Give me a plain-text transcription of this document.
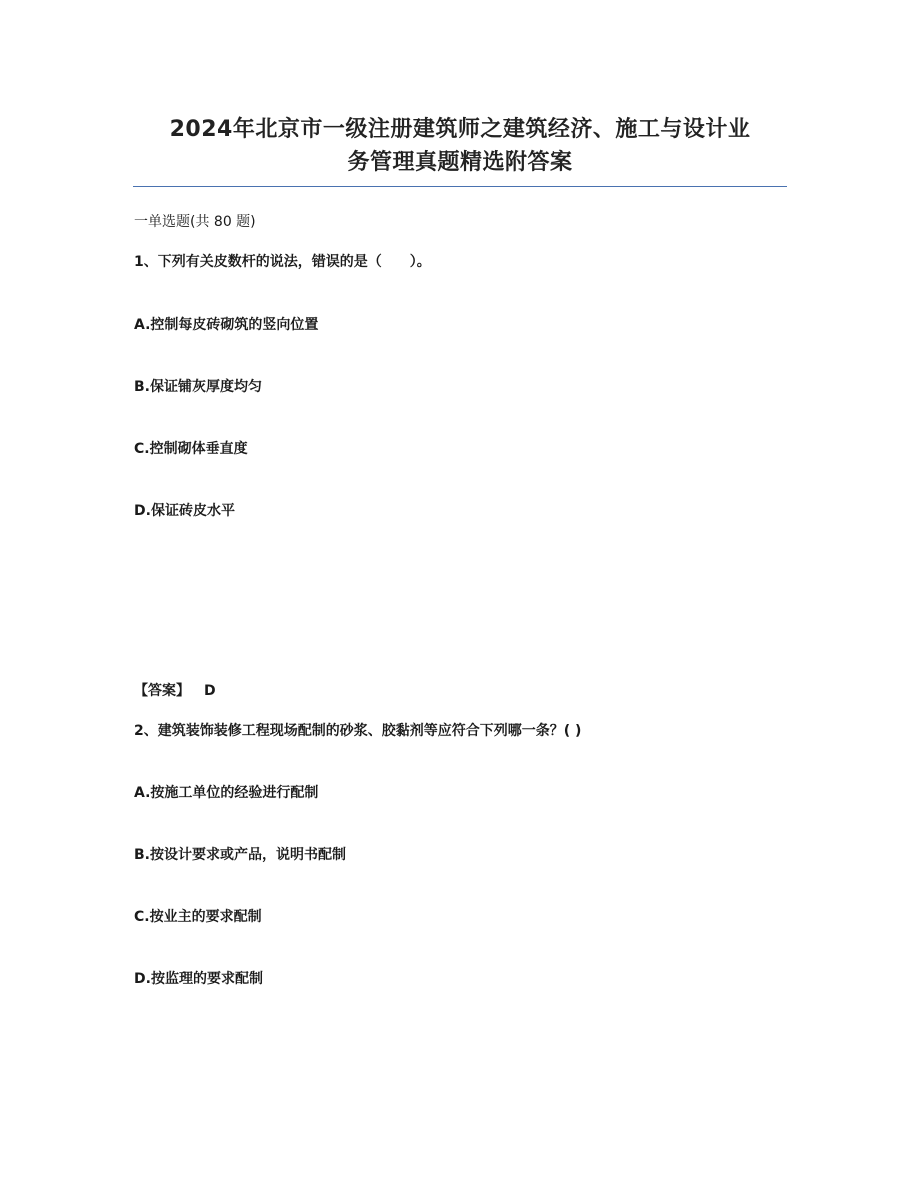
2024年北京市一级注册建筑师之建筑经济、施工与设计业
务管理真题精选附答案
一单选题(共 80 题)
1、下列有关皮数杆的说法，错误的是（　　）。
A.控制每皮砖砌筑的竖向位置
B.保证铺灰厚度均匀
C.控制砌体垂直度
D.保证砖皮水平
【答案】 D
2、建筑装饰装修工程现场配制的砂浆、胶黏剂等应符合下列哪一条？( )
A.按施工单位的经验进行配制
B.按设计要求或产品，说明书配制
C.按业主的要求配制
D.按监理的要求配制
